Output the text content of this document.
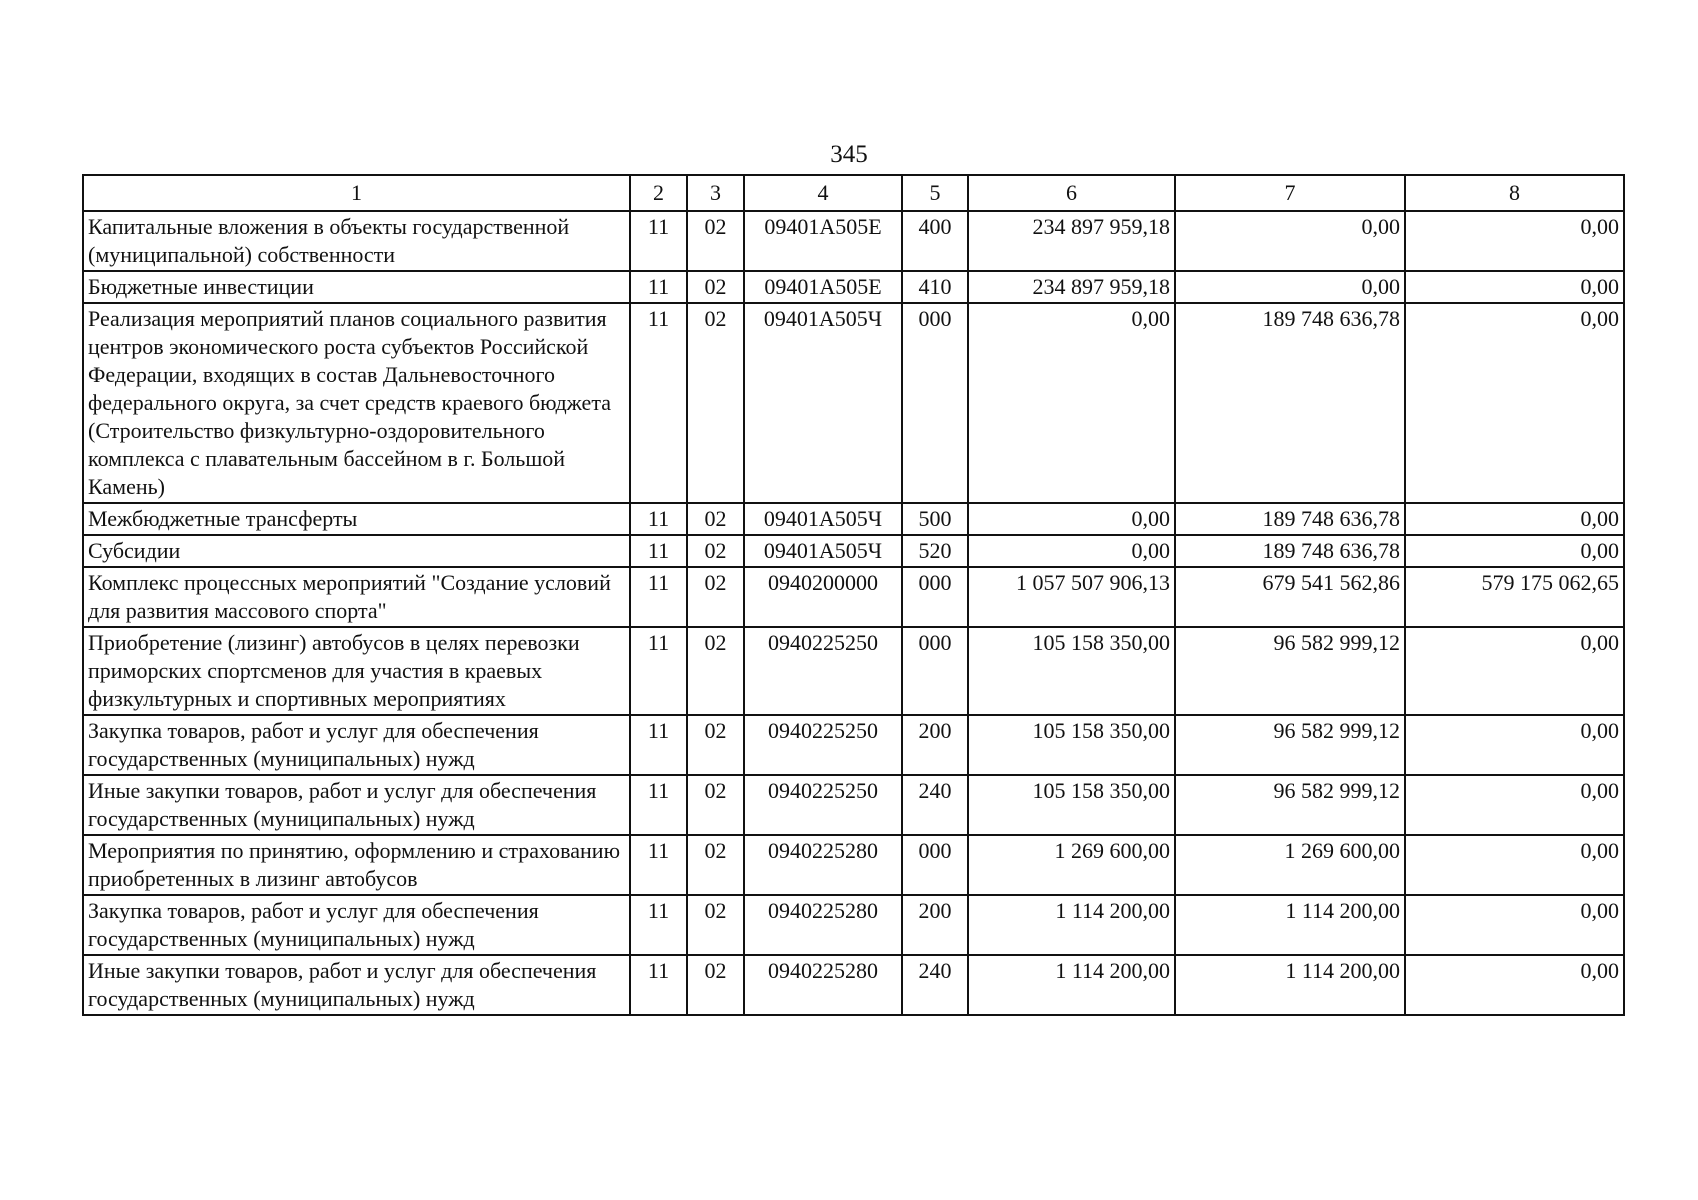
345
1	2	3	4	5	6	7	8
Капитальные вложения в объекты государственной (муниципальной) собственности	11	02	09401А505Е	400	234 897 959,18	0,00	0,00
Бюджетные инвестиции	11	02	09401А505Е	410	234 897 959,18	0,00	0,00
Реализация мероприятий планов социального развития центров экономического роста субъектов Российской Федерации, входящих в состав Дальневосточного федерального округа, за счет средств краевого бюджета (Строительство физкультурно-оздоровительного комплекса с плавательным бассейном в г. Большой Камень)	11	02	09401А505Ч	000	0,00	189 748 636,78	0,00
Межбюджетные трансферты	11	02	09401А505Ч	500	0,00	189 748 636,78	0,00
Субсидии	11	02	09401А505Ч	520	0,00	189 748 636,78	0,00
Комплекс процессных мероприятий "Создание условий для развития массового спорта"	11	02	0940200000	000	1 057 507 906,13	679 541 562,86	579 175 062,65
Приобретение (лизинг) автобусов в целях перевозки приморских спортсменов для участия в краевых физкультурных и спортивных мероприятиях	11	02	0940225250	000	105 158 350,00	96 582 999,12	0,00
Закупка товаров, работ и услуг для обеспечения государственных (муниципальных) нужд	11	02	0940225250	200	105 158 350,00	96 582 999,12	0,00
Иные закупки товаров, работ и услуг для обеспечения государственных (муниципальных) нужд	11	02	0940225250	240	105 158 350,00	96 582 999,12	0,00
Мероприятия по принятию, оформлению и страхованию приобретенных в лизинг автобусов	11	02	0940225280	000	1 269 600,00	1 269 600,00	0,00
Закупка товаров, работ и услуг для обеспечения государственных (муниципальных) нужд	11	02	0940225280	200	1 114 200,00	1 114 200,00	0,00
Иные закупки товаров, работ и услуг для обеспечения государственных (муниципальных) нужд	11	02	0940225280	240	1 114 200,00	1 114 200,00	0,00
